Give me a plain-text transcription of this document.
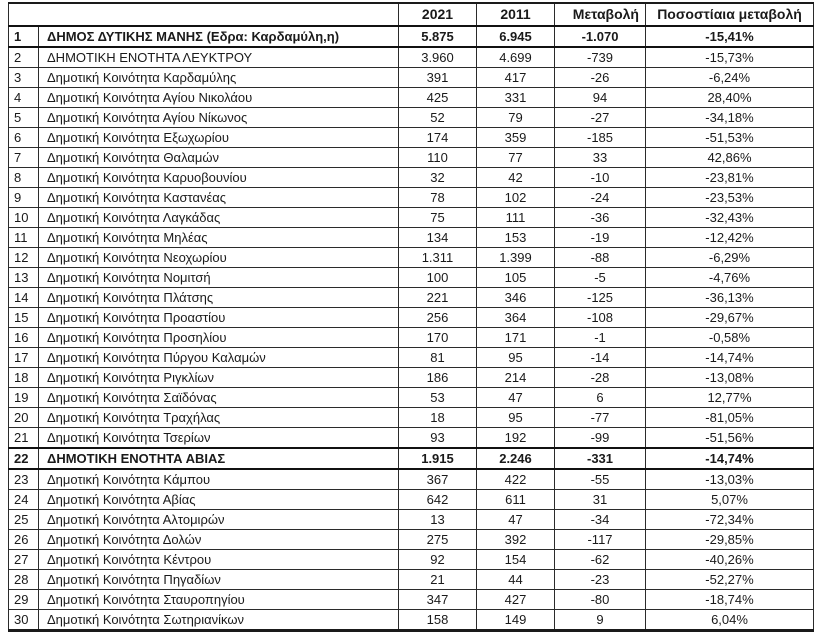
		2021	2011	Μεταβολή	Ποσοστίαια μεταβολή
1	ΔΗΜΟΣ ΔΥΤΙΚΗΣ ΜΑΝΗΣ (Εδρα: Καρδαμύλη,η)	5.875	6.945	-1.070	-15,41%
2	ΔΗΜΟΤΙΚΗ ΕΝΟΤΗΤΑ ΛΕΥΚΤΡΟΥ	3.960	4.699	-739	-15,73%
3	Δημοτική Κοινότητα Καρδαμύλης	391	417	-26	-6,24%
4	Δημοτική Κοινότητα Αγίου Νικολάου	425	331	94	28,40%
5	Δημοτική Κοινότητα Αγίου Νίκωνος	52	79	-27	-34,18%
6	Δημοτική Κοινότητα Εξωχωρίου	174	359	-185	-51,53%
7	Δημοτική Κοινότητα Θαλαμών	110	77	33	42,86%
8	Δημοτική Κοινότητα Καρυοβουνίου	32	42	-10	-23,81%
9	Δημοτική Κοινότητα Καστανέας	78	102	-24	-23,53%
10	Δημοτική Κοινότητα Λαγκάδας	75	111	-36	-32,43%
11	Δημοτική Κοινότητα Μηλέας	134	153	-19	-12,42%
12	Δημοτική Κοινότητα Νεοχωρίου	1.311	1.399	-88	-6,29%
13	Δημοτική Κοινότητα Νομιτσή	100	105	-5	-4,76%
14	Δημοτική Κοινότητα Πλάτσης	221	346	-125	-36,13%
15	Δημοτική Κοινότητα Προαστίου	256	364	-108	-29,67%
16	Δημοτική Κοινότητα Προσηλίου	170	171	-1	-0,58%
17	Δημοτική Κοινότητα Πύργου Καλαμών	81	95	-14	-14,74%
18	Δημοτική Κοινότητα Ριγκλίων	186	214	-28	-13,08%
19	Δημοτική Κοινότητα Σαϊδόνας	53	47	6	12,77%
20	Δημοτική Κοινότητα Τραχήλας	18	95	-77	-81,05%
21	Δημοτική Κοινότητα Τσερίων	93	192	-99	-51,56%
22	ΔΗΜΟΤΙΚΗ ΕΝΟΤΗΤΑ ΑΒΙΑΣ	1.915	2.246	-331	-14,74%
23	Δημοτική Κοινότητα Κάμπου	367	422	-55	-13,03%
24	Δημοτική Κοινότητα Αβίας	642	611	31	5,07%
25	Δημοτική Κοινότητα Αλτομιρών	13	47	-34	-72,34%
26	Δημοτική Κοινότητα Δολών	275	392	-117	-29,85%
27	Δημοτική Κοινότητα Κέντρου	92	154	-62	-40,26%
28	Δημοτική Κοινότητα Πηγαδίων	21	44	-23	-52,27%
29	Δημοτική Κοινότητα Σταυροπηγίου	347	427	-80	-18,74%
30	Δημοτική Κοινότητα Σωτηριανίκων	158	149	9	6,04%
